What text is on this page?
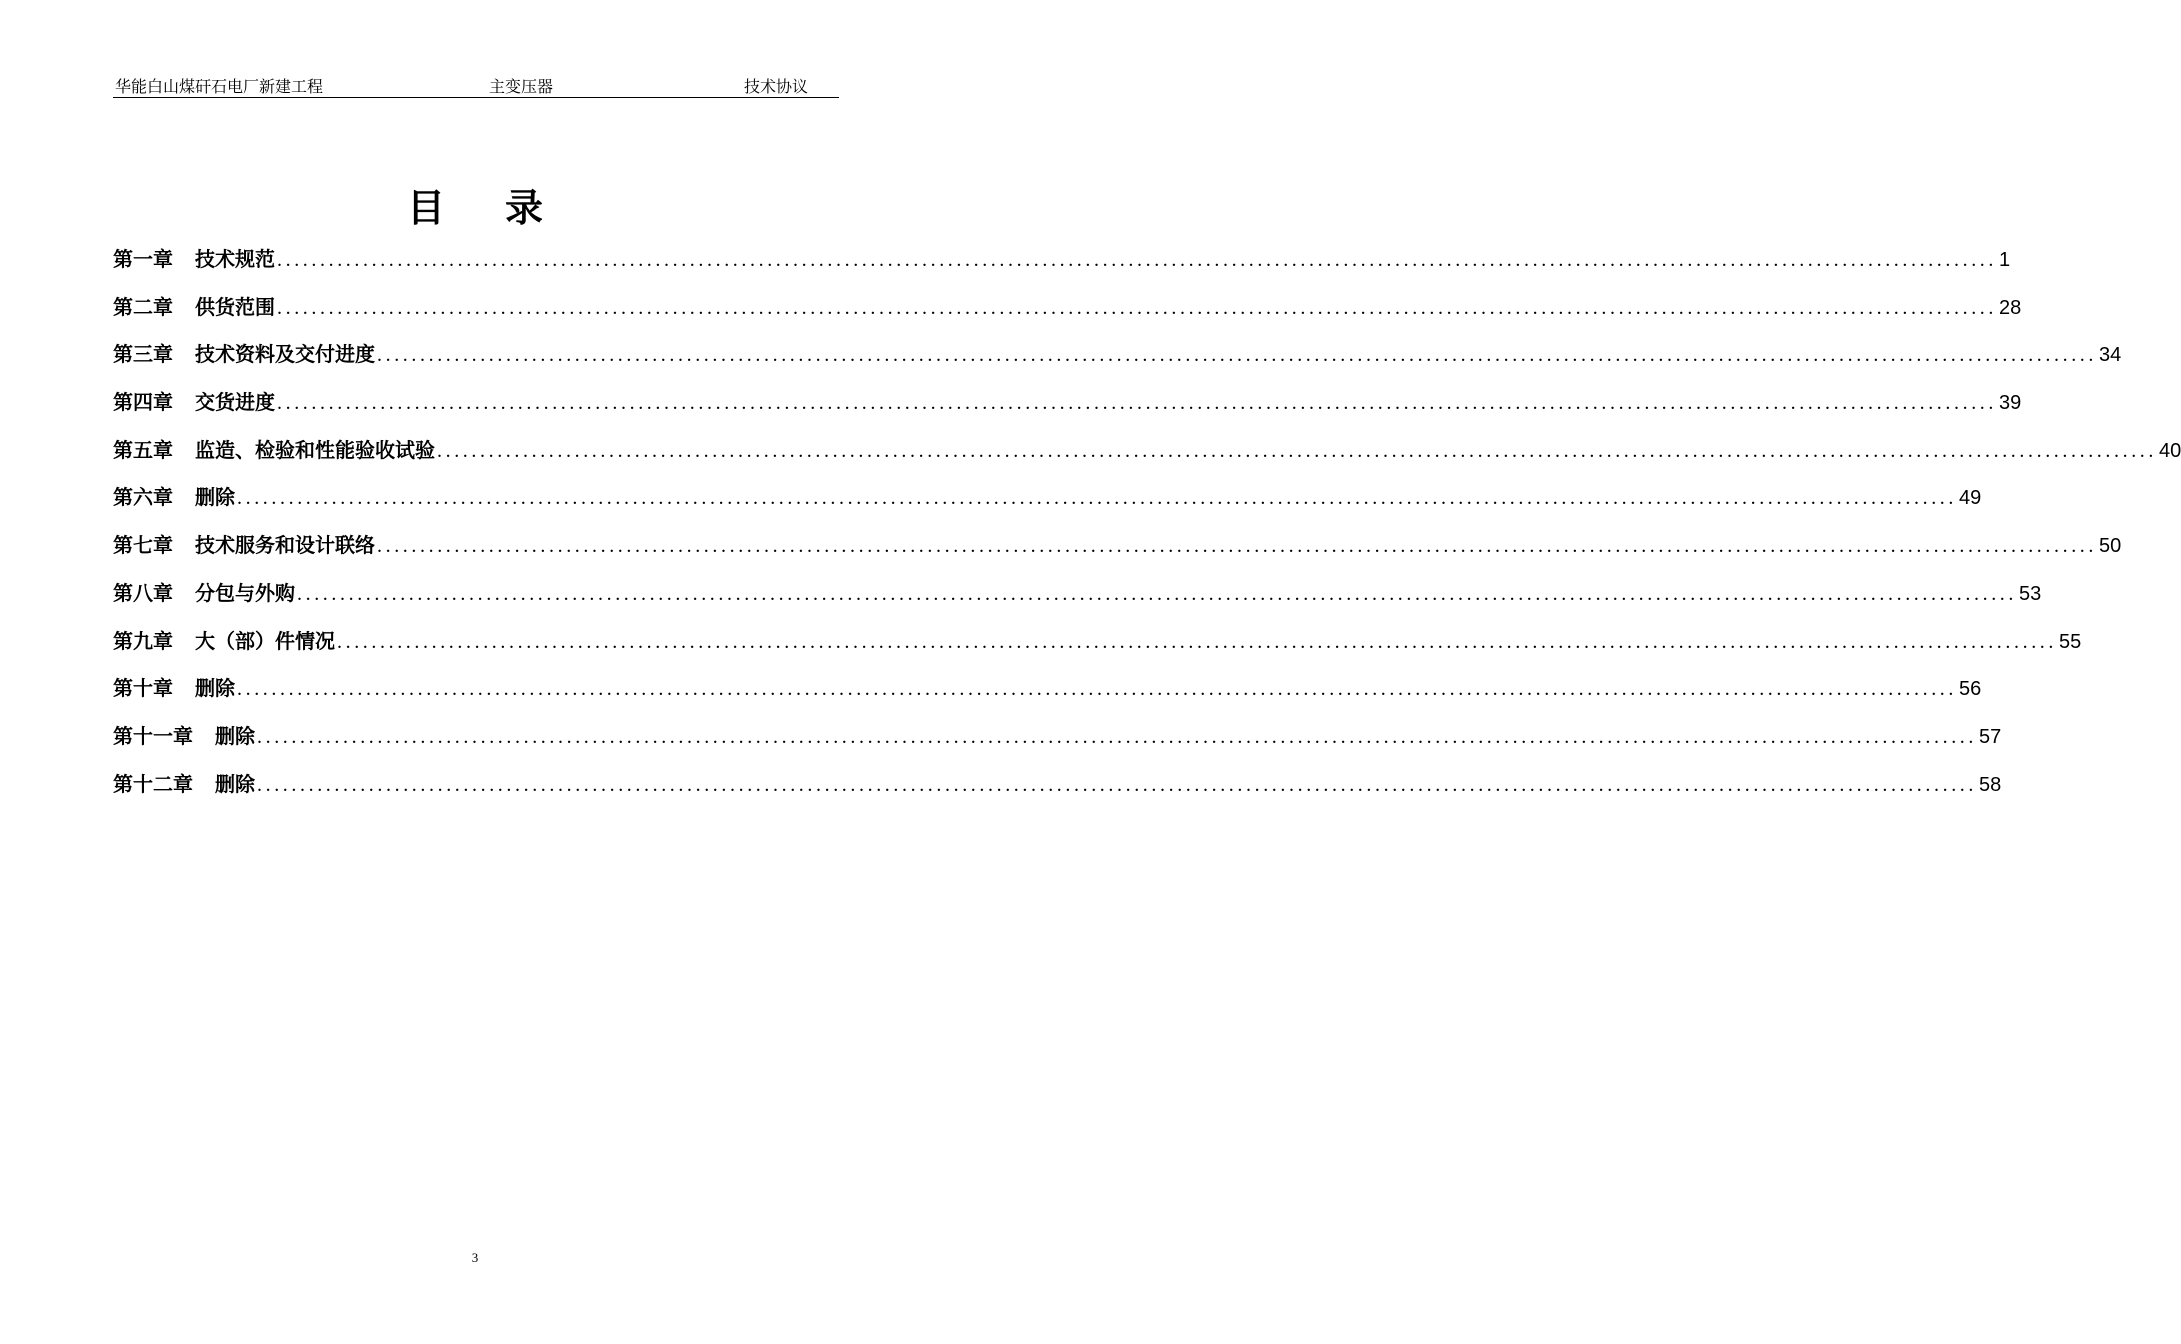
华能白山煤矸石电厂新建工程	主变压器	技术协议
目录
第一章 技术规范 ........................................................................................................................................................................................................ 1
第二章 供货范围 ........................................................................................................................................................................................................ 28
第三章 技术资料及交付进度 ........................................................................................................................................................................................................ 34
第四章 交货进度 ........................................................................................................................................................................................................ 39
第五章 监造、检验和性能验收试验 ........................................................................................................................................................................................................ 40
第六章 删除 ........................................................................................................................................................................................................ 49
第七章 技术服务和设计联络 ........................................................................................................................................................................................................ 50
第八章 分包与外购 ........................................................................................................................................................................................................ 53
第九章 大（部）件情况 ........................................................................................................................................................................................................ 55
第十章 删除 ........................................................................................................................................................................................................ 56
第十一章 删除 ........................................................................................................................................................................................................ 57
第十二章 删除 ........................................................................................................................................................................................................ 58
3
